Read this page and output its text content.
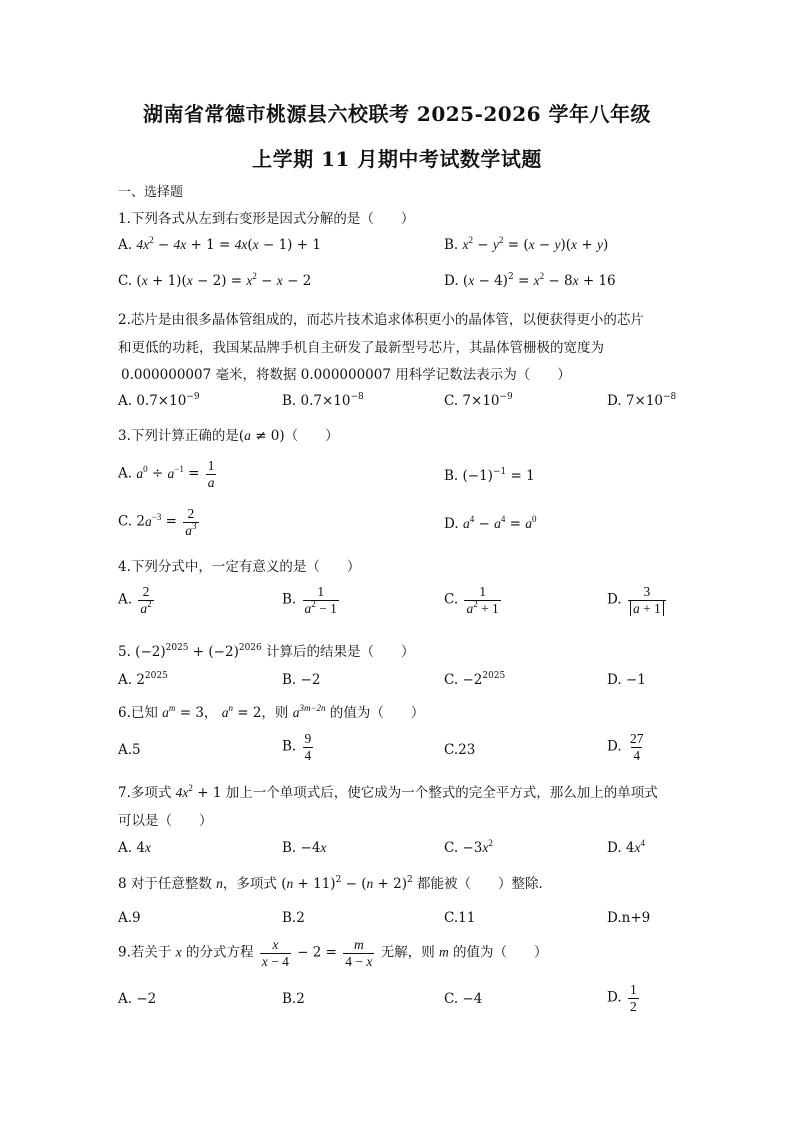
湖南省常德市桃源县六校联考 2025-2026 学年八年级
上学期 11 月期中考试数学试题
一、选择题
1.下列各式从左到右变形是因式分解的是（　　）
A. $4x^2 - 4x + 1 = 4x(x - 1) + 1$	B. $x^2 - y^2 = (x - y)(x + y)$
C. $(x + 1)(x - 2) = x^2 - x - 2$	D. $(x - 4)^2 = x^2 - 8x + 16$
2.芯片是由很多晶体管组成的，而芯片技术追求体积更小的晶体管，以便获得更小的芯片
和更低的功耗，我国某品牌手机自主研发了最新型号芯片，其晶体管栅极的宽度为
0.000000007 毫米，将数据 0.000000007 用科学记数法表示为（　　）
A. $0.7\times 10^{-9}$	B. $0.7\times 10^{-8}$	C. $7\times 10^{-9}$	D. $7\times 10^{-8}$
3.下列计算正确的是(a ≠ 0)（　　）
A. $a^0 \div a^{-1} = \frac{1}{a}$	B. $(-1)^{-1} = 1$
C. $2a^{-3} = \frac{2}{a^3}$	D. $a^4 - a^4 = a^0$
4.下列分式中，一定有意义的是（　　）
A. $\frac{2}{a^2}$	B. $\frac{1}{a^2 - 1}$	C. $\frac{1}{a^2 + 1}$	D. $\frac{3}{a + 1}$
5. $(-2)^{2025} + (-2)^{2026}$ 计算后的结果是（　　）
A. $2^{2025}$	B. −2	C. $-2^{2025}$	D. −1
6.已知 $a^m = 3$， $a^n = 2$，则 $a^{3m-2n}$ 的值为（　　）
A.5	B. $\frac{9}{4}$	C.23	D. $\frac{27}{4}$
7.多项式 $4x^2 + 1$ 加上一个单项式后，使它成为一个整式的完全平方式，那么加上的单项式
可以是（　　）
A. 4x	B. −4x	C. $-3x^2$	D. $4x^4$
8 对于任意整数 n，多项式 $(n + 11)^2 - (n + 2)^2$ 都能被（　　）整除．
A.9	B.2	C.11	D.n+9
9.若关于 x 的分式方程 $\frac{x}{x - 4} - 2 = \frac{m}{4 - x}$ 无解，则 m 的值为（　　）
A. −2	B.2	C. −4	D. $\frac{1}{2}$
